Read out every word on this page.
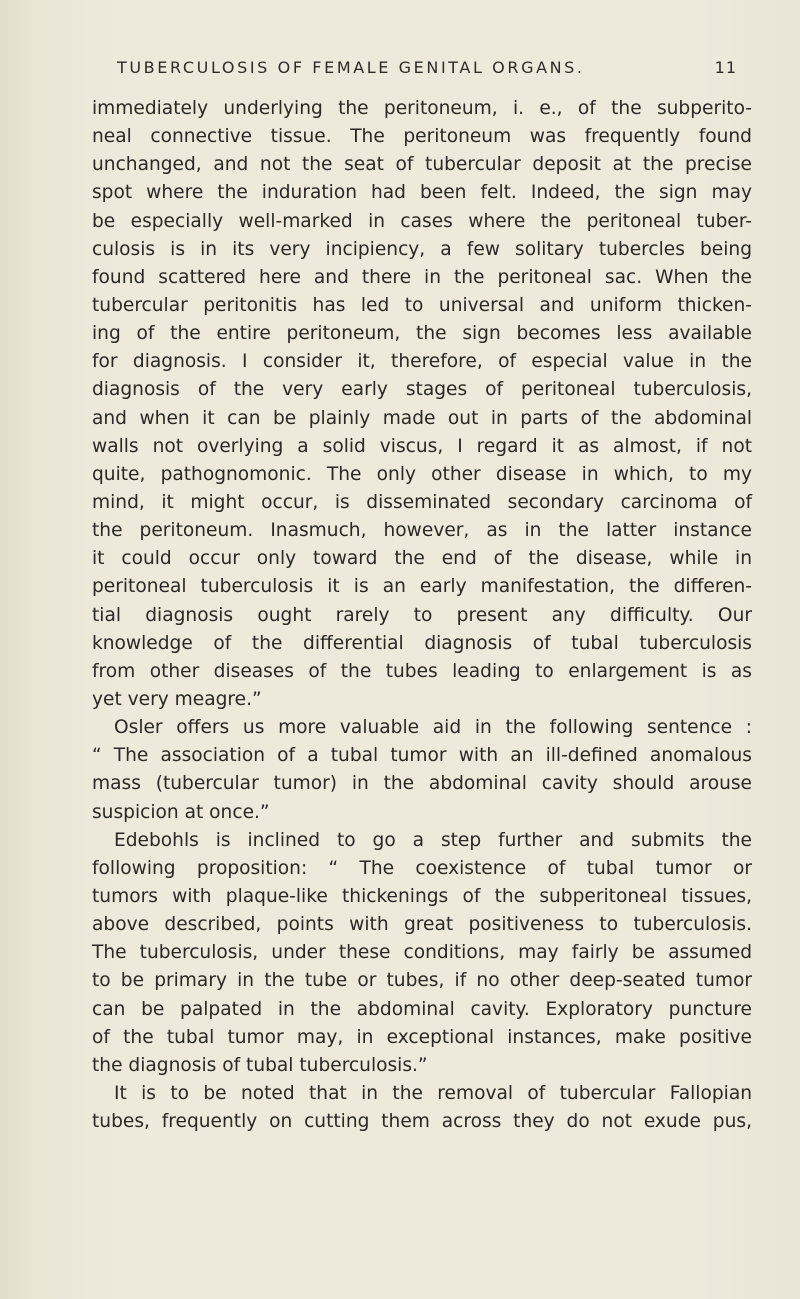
TUBERCULOSIS OF FEMALE GENITAL ORGANS.	11
immediately underlying the peritoneum, i. e., of the subperito-
neal connective tissue. The peritoneum was frequently found
unchanged, and not the seat of tubercular deposit at the precise
spot where the induration had been felt. Indeed, the sign may
be especially well-marked in cases where the peritoneal tuber-
culosis is in its very incipiency, a few solitary tubercles being
found scattered here and there in the peritoneal sac. When the
tubercular peritonitis has led to universal and uniform thicken-
ing of the entire peritoneum, the sign becomes less available
for diagnosis. I consider it, therefore, of especial value in the
diagnosis of the very early stages of peritoneal tuberculosis,
and when it can be plainly made out in parts of the abdominal
walls not overlying a solid viscus, I regard it as almost, if not
quite, pathognomonic. The only other disease in which, to my
mind, it might occur, is disseminated secondary carcinoma of
the peritoneum. Inasmuch, however, as in the latter instance
it could occur only toward the end of the disease, while in
peritoneal tuberculosis it is an early manifestation, the differen-
tial diagnosis ought rarely to present any difficulty. Our
knowledge of the differential diagnosis of tubal tuberculosis
from other diseases of the tubes leading to enlargement is as
yet very meagre.”
Osler offers us more valuable aid in the following sentence :
“ The association of a tubal tumor with an ill-defined anomalous
mass (tubercular tumor) in the abdominal cavity should arouse
suspicion at once.”
Edebohls is inclined to go a step further and submits the
following proposition: “ The coexistence of tubal tumor or
tumors with plaque-like thickenings of the subperitoneal tissues,
above described, points with great positiveness to tuberculosis.
The tuberculosis, under these conditions, may fairly be assumed
to be primary in the tube or tubes, if no other deep-seated tumor
can be palpated in the abdominal cavity. Exploratory puncture
of the tubal tumor may, in exceptional instances, make positive
the diagnosis of tubal tuberculosis.”
It is to be noted that in the removal of tubercular Fallopian
tubes, frequently on cutting them across they do not exude pus,
